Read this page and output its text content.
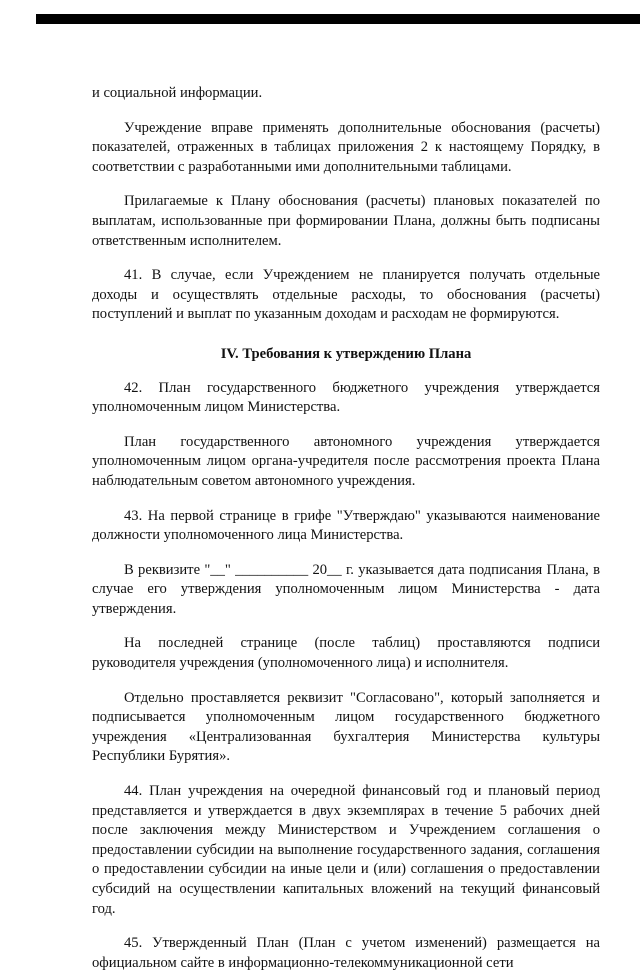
и социальной информации.

Учреждение вправе применять дополнительные обоснования (расчеты) показателей, отраженных в таблицах приложения 2 к настоящему Порядку, в соответствии с разработанными ими дополнительными таблицами.

Прилагаемые к Плану обоснования (расчеты) плановых показателей по выплатам, использованные при формировании Плана, должны быть подписаны ответственным исполнителем.

41. В случае, если Учреждением не планируется получать отдельные доходы и осуществлять отдельные расходы, то обоснования (расчеты) поступлений и выплат по указанным доходам и расходам не формируются.

IV. Требования к утверждению Плана

42. План государственного бюджетного учреждения утверждается уполномоченным лицом Министерства.

План государственного автономного учреждения утверждается уполномоченным лицом органа-учредителя после рассмотрения проекта Плана наблюдательным советом автономного учреждения.

43. На первой странице в грифе "Утверждаю" указываются наименование должности уполномоченного лица Министерства.

В реквизите "__" __________ 20__ г. указывается дата подписания Плана, в случае его утверждения уполномоченным лицом Министерства - дата утверждения.

На последней странице (после таблиц) проставляются подписи руководителя учреждения (уполномоченного лица) и исполнителя.

Отдельно проставляется реквизит "Согласовано", который заполняется и подписывается уполномоченным лицом государственного бюджетного учреждения «Централизованная бухгалтерия Министерства культуры Республики Бурятия».

44. План учреждения на очередной финансовый год и плановый период представляется и утверждается в двух экземплярах в течение 5 рабочих дней после заключения между Министерством и Учреждением соглашения о предоставлении субсидии на выполнение государственного задания, соглашения о предоставлении субсидии на иные цели и (или) соглашения о предоставлении субсидий на осуществлении капитальных вложений на текущий финансовый год.

45. Утвержденный План (План с учетом изменений) размещается на официальном сайте в информационно-телекоммуникационной сети
